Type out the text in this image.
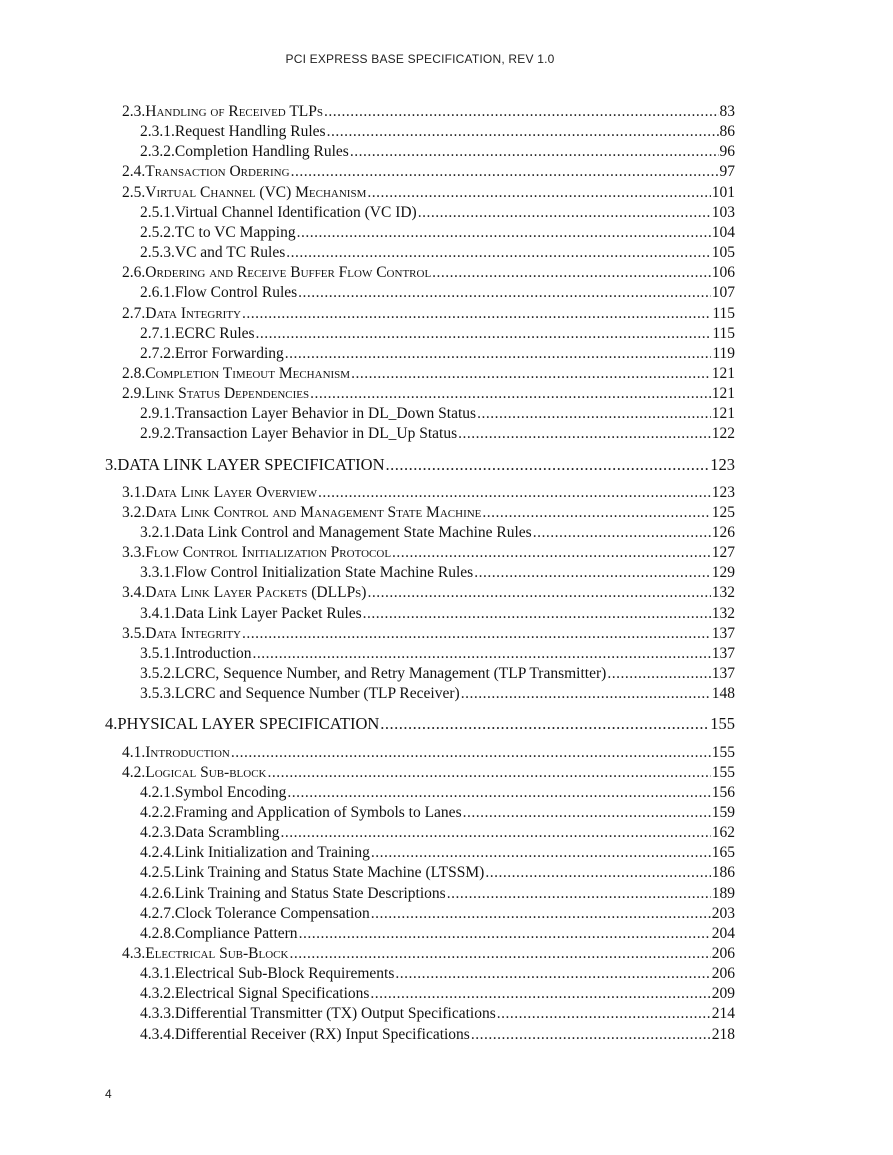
PCI EXPRESS BASE SPECIFICATION, REV 1.0
2.3. Handling of Received TLPs .....	83
2.3.1. Request Handling Rules .....	86
2.3.2. Completion Handling Rules .....	96
2.4. Transaction Ordering .....	97
2.5. Virtual Channel (VC) Mechanism .....	101
2.5.1. Virtual Channel Identification (VC ID) .....	103
2.5.2. TC to VC Mapping .....	104
2.5.3. VC and TC Rules .....	105
2.6. Ordering and Receive Buffer Flow Control .....	106
2.6.1. Flow Control Rules .....	107
2.7. Data Integrity .....	115
2.7.1. ECRC Rules .....	115
2.7.2. Error Forwarding .....	119
2.8. Completion Timeout Mechanism .....	121
2.9. Link Status Dependencies .....	121
2.9.1. Transaction Layer Behavior in DL_Down Status .....	121
2.9.2. Transaction Layer Behavior in DL_Up Status .....	122
3. DATA LINK LAYER SPECIFICATION .....	123
3.1. Data Link Layer Overview .....	123
3.2. Data Link Control and Management State Machine .....	125
3.2.1. Data Link Control and Management State Machine Rules .....	126
3.3. Flow Control Initialization Protocol .....	127
3.3.1. Flow Control Initialization State Machine Rules .....	129
3.4. Data Link Layer Packets (DLLPs) .....	132
3.4.1. Data Link Layer Packet Rules .....	132
3.5. Data Integrity .....	137
3.5.1. Introduction .....	137
3.5.2. LCRC, Sequence Number, and Retry Management (TLP Transmitter) .....	137
3.5.3. LCRC and Sequence Number (TLP Receiver) .....	148
4. PHYSICAL LAYER SPECIFICATION .....	155
4.1. Introduction .....	155
4.2. Logical Sub-block .....	155
4.2.1. Symbol Encoding .....	156
4.2.2. Framing and Application of Symbols to Lanes .....	159
4.2.3. Data Scrambling .....	162
4.2.4. Link Initialization and Training .....	165
4.2.5. Link Training and Status State Machine (LTSSM) .....	186
4.2.6. Link Training and Status State Descriptions .....	189
4.2.7. Clock Tolerance Compensation .....	203
4.2.8. Compliance Pattern .....	204
4.3. Electrical Sub-Block .....	206
4.3.1. Electrical Sub-Block Requirements .....	206
4.3.2. Electrical Signal Specifications .....	209
4.3.3. Differential Transmitter (TX) Output Specifications .....	214
4.3.4. Differential Receiver (RX) Input Specifications .....	218
4
